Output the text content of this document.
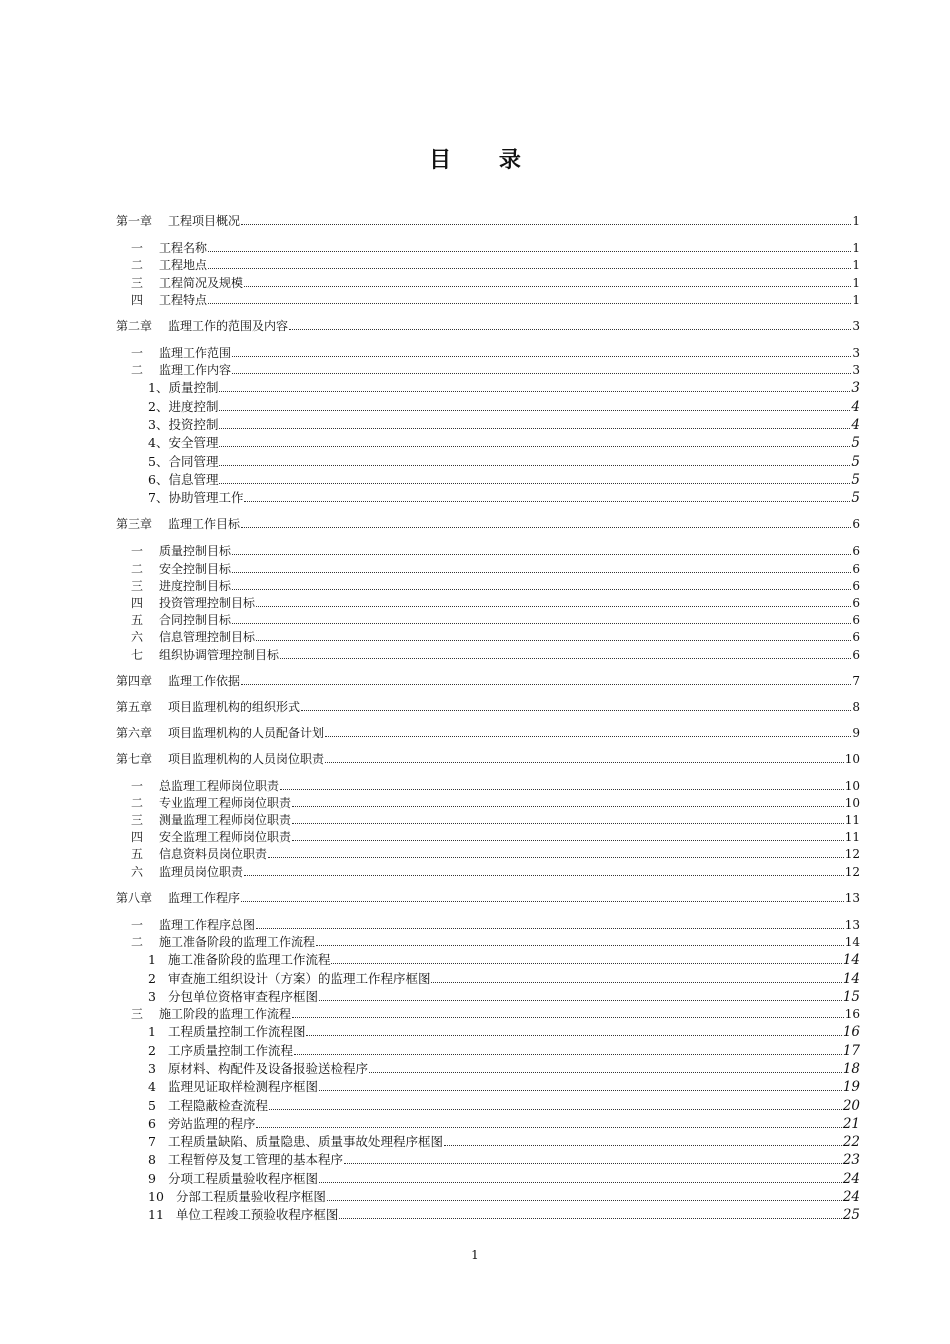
目 录
第一章 工程项目概况	1
一	工程名称	1
二	工程地点	1
三	工程简况及规模	1
四	工程特点	1
第二章 监理工作的范围及内容	3
一	监理工作范围	3
二	监理工作内容	3
1、 质量控制	3
2、 进度控制	4
3、 投资控制	4
4、 安全管理	5
5、 合同管理	5
6、 信息管理	5
7、 协助管理工作	5
第三章 监理工作目标	6
一	质量控制目标	6
二	安全控制目标	6
三	进度控制目标	6
四	投资管理控制目标	6
五	合同控制目标	6
六	信息管理控制目标	6
七	组织协调管理控制目标	6
第四章 监理工作依据	7
第五章 项目监理机构的组织形式	8
第六章 项目监理机构的人员配备计划	9
第七章 项目监理机构的人员岗位职责	10
一	总监理工程师岗位职责	10
二	专业监理工程师岗位职责	10
三	测量监理工程师岗位职责	11
四	安全监理工程师岗位职责	11
五	信息资料员岗位职责	12
六	监理员岗位职责	12
第八章 监理工作程序	13
一	监理工作程序总图	13
二	施工准备阶段的监理工作流程	14
1 施工准备阶段的监理工作流程	14
2 审查施工组织设计（方案）的监理工作程序框图	14
3 分包单位资格审查程序框图	15
三	施工阶段的监理工作流程	16
1 工程质量控制工作流程图	16
2 工序质量控制工作流程	17
3 原材料、构配件及设备报验送检程序	18
4 监理见证取样检测程序框图	19
5 工程隐蔽检查流程	20
6 旁站监理的程序	21
7 工程质量缺陷、质量隐患、质量事故处理程序框图	22
8 工程暂停及复工管理的基本程序	23
9 分项工程质量验收程序框图	24
10 分部工程质量验收程序框图	24
11 单位工程竣工预验收程序框图	25
1
